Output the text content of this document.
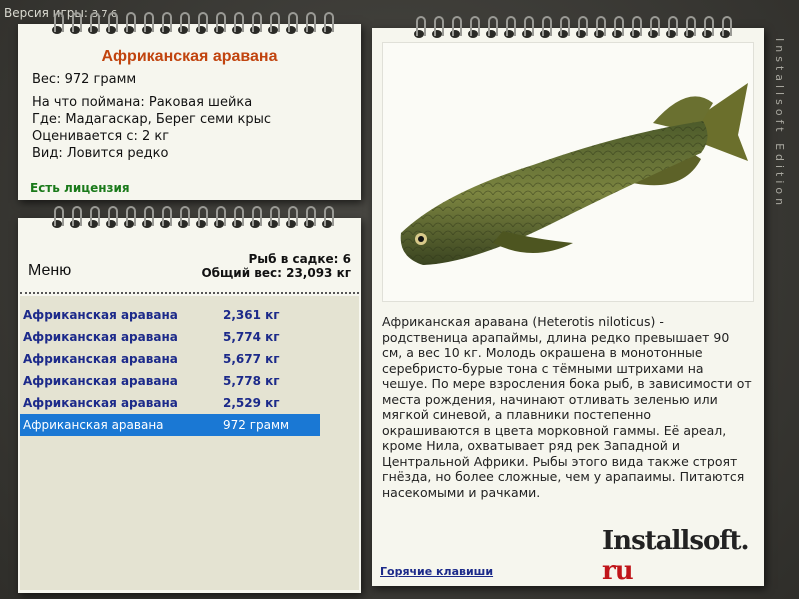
Версия игры: 3.7.6
Installsoft Edition
Африканская аравана
Вес: 972 грамм
На что поймана: Раковая шейка
Где: Мадагаскар, Берег семи крыс
Оценивается с: 2 кг
Вид: Ловится редко
Есть лицензия
Меню
Рыб в садке: 6
Общий вес: 23,093 кг
Африканская аравана	2,361 кг
Африканская аравана	5,774 кг
Африканская аравана	5,677 кг
Африканская аравана	5,778 кг
Африканская аравана	2,529 кг
Африканская аравана	972 грамм
Африканская аравана (Heterotis niloticus) - родственица арапаймы, длина редко превышает 90 см, а вес 10 кг. Молодь окрашена в монотонные серебристо-бурые тона с тёмными штрихами на чешуе. По мере взросления бока рыб, в зависимости от места рождения, начинают отливать зеленью или мягкой синевой, а плавники постепенно окрашиваются в цвета морковной гаммы. Её ареал, кроме Нила, охватывает ряд рек Западной и Центральной Африки. Рыбы этого вида также строят гнёзда, но более сложные, чем у арапаимы. Питаются насекомыми и рачками.
Installsoft. ru
Горячие клавиши
